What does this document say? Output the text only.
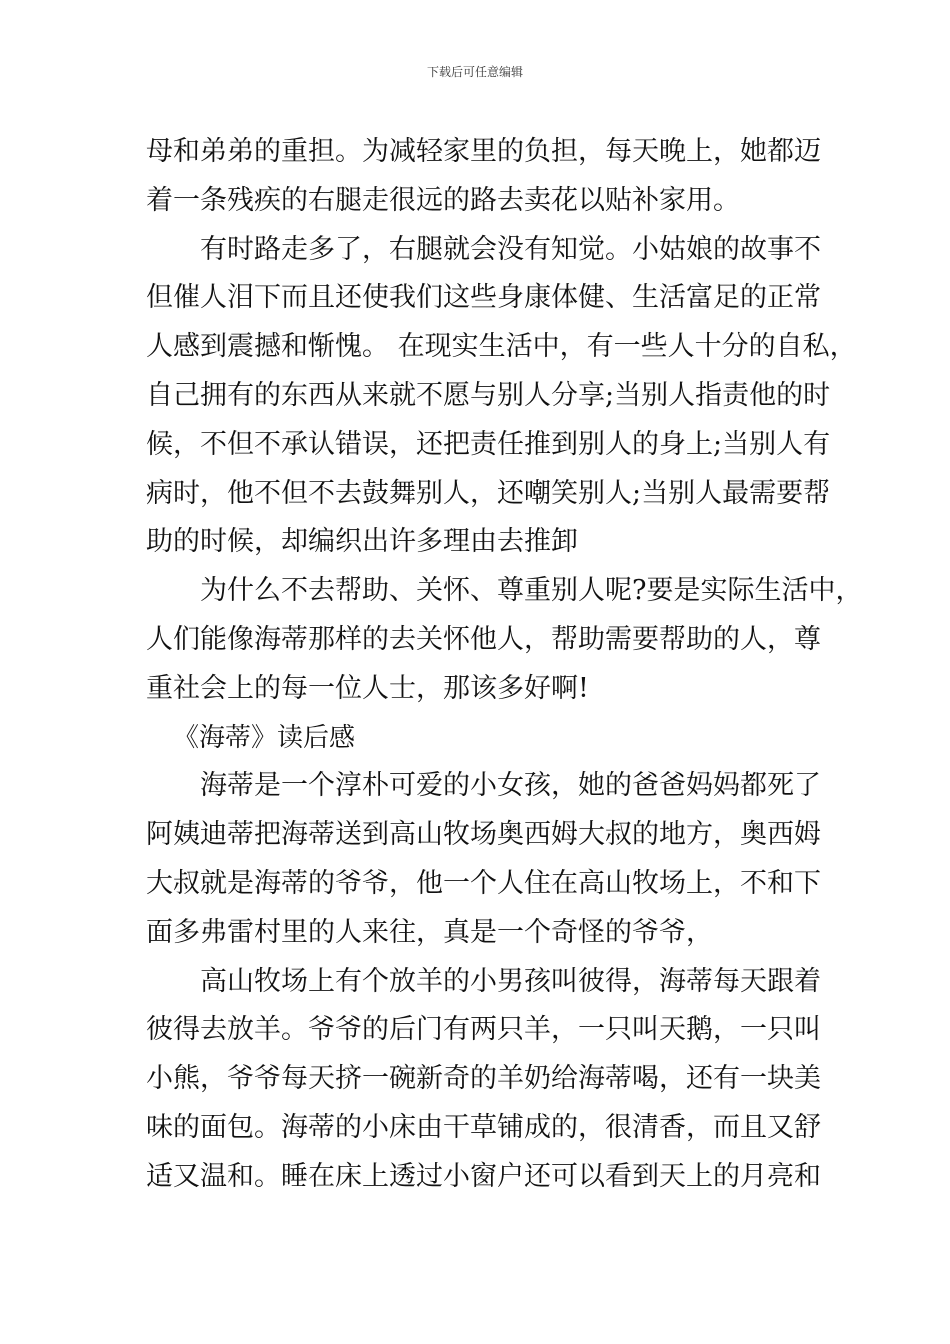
下载后可任意编辑
母和弟弟的重担。为减轻家里的负担，每天晚上，她都迈
着一条残疾的右腿走很远的路去卖花以贴补家用。
有时路走多了，右腿就会没有知觉。小姑娘的故事不
但催人泪下而且还使我们这些身康体健、生活富足的正常
人感到震撼和惭愧。 在现实生活中，有一些人十分的自私，
自己拥有的东西从来就不愿与别人分享;当别人指责他的时
候，不但不承认错误，还把责任推到别人的身上;当别人有
病时，他不但不去鼓舞别人，还嘲笑别人;当别人最需要帮
助的时候，却编织出许多理由去推卸
为什么不去帮助、关怀、尊重别人呢?要是实际生活中，
人们能像海蒂那样的去关怀他人，帮助需要帮助的人，尊
重社会上的每一位人士，那该多好啊!
《海蒂》读后感
海蒂是一个淳朴可爱的小女孩，她的爸爸妈妈都死了
阿姨迪蒂把海蒂送到高山牧场奥西姆大叔的地方，奥西姆
大叔就是海蒂的爷爷，他一个人住在高山牧场上，不和下
面多弗雷村里的人来往，真是一个奇怪的爷爷，
高山牧场上有个放羊的小男孩叫彼得，海蒂每天跟着
彼得去放羊。爷爷的后门有两只羊，一只叫天鹅，一只叫
小熊，爷爷每天挤一碗新奇的羊奶给海蒂喝，还有一块美
味的面包。海蒂的小床由干草铺成的，很清香，而且又舒
适又温和。睡在床上透过小窗户还可以看到天上的月亮和
